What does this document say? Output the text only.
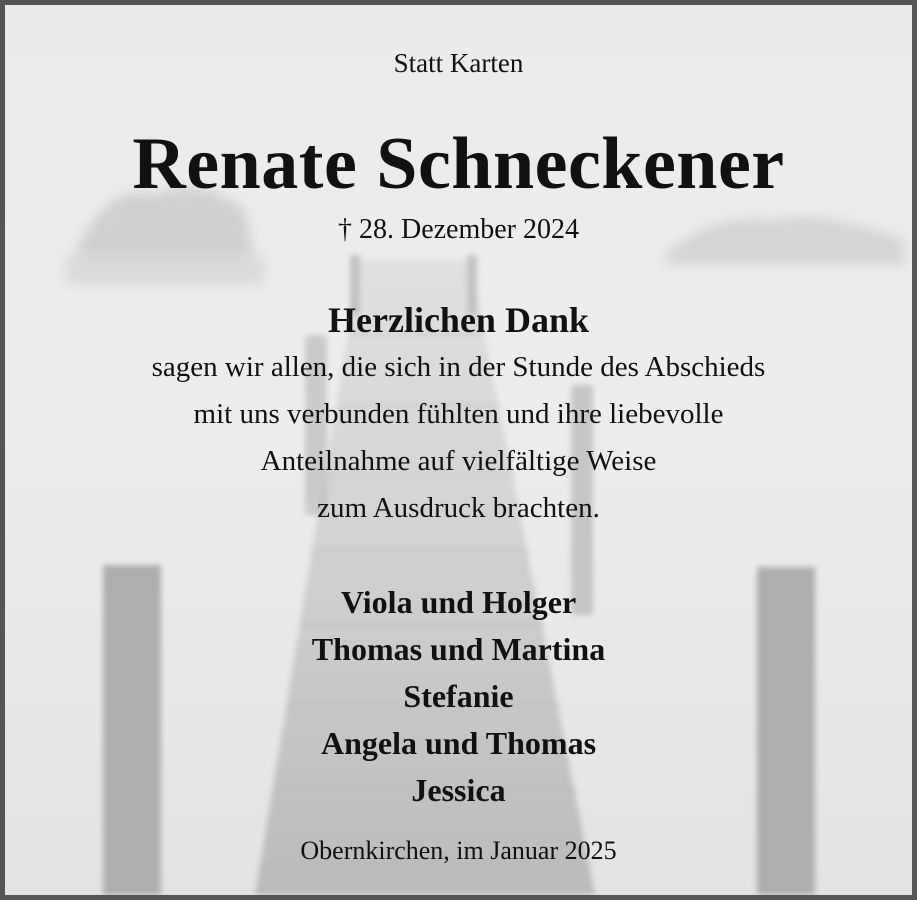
Statt Karten

Renate Schneckener

† 28. Dezember 2024

Herzlichen Dank

sagen wir allen, die sich in der Stunde des Abschieds
mit uns verbunden fühlten und ihre liebevolle
Anteilnahme auf vielfältige Weise
zum Ausdruck brachten.

Viola und Holger
Thomas und Martina
Stefanie
Angela und Thomas
Jessica

Obernkirchen, im Januar 2025
